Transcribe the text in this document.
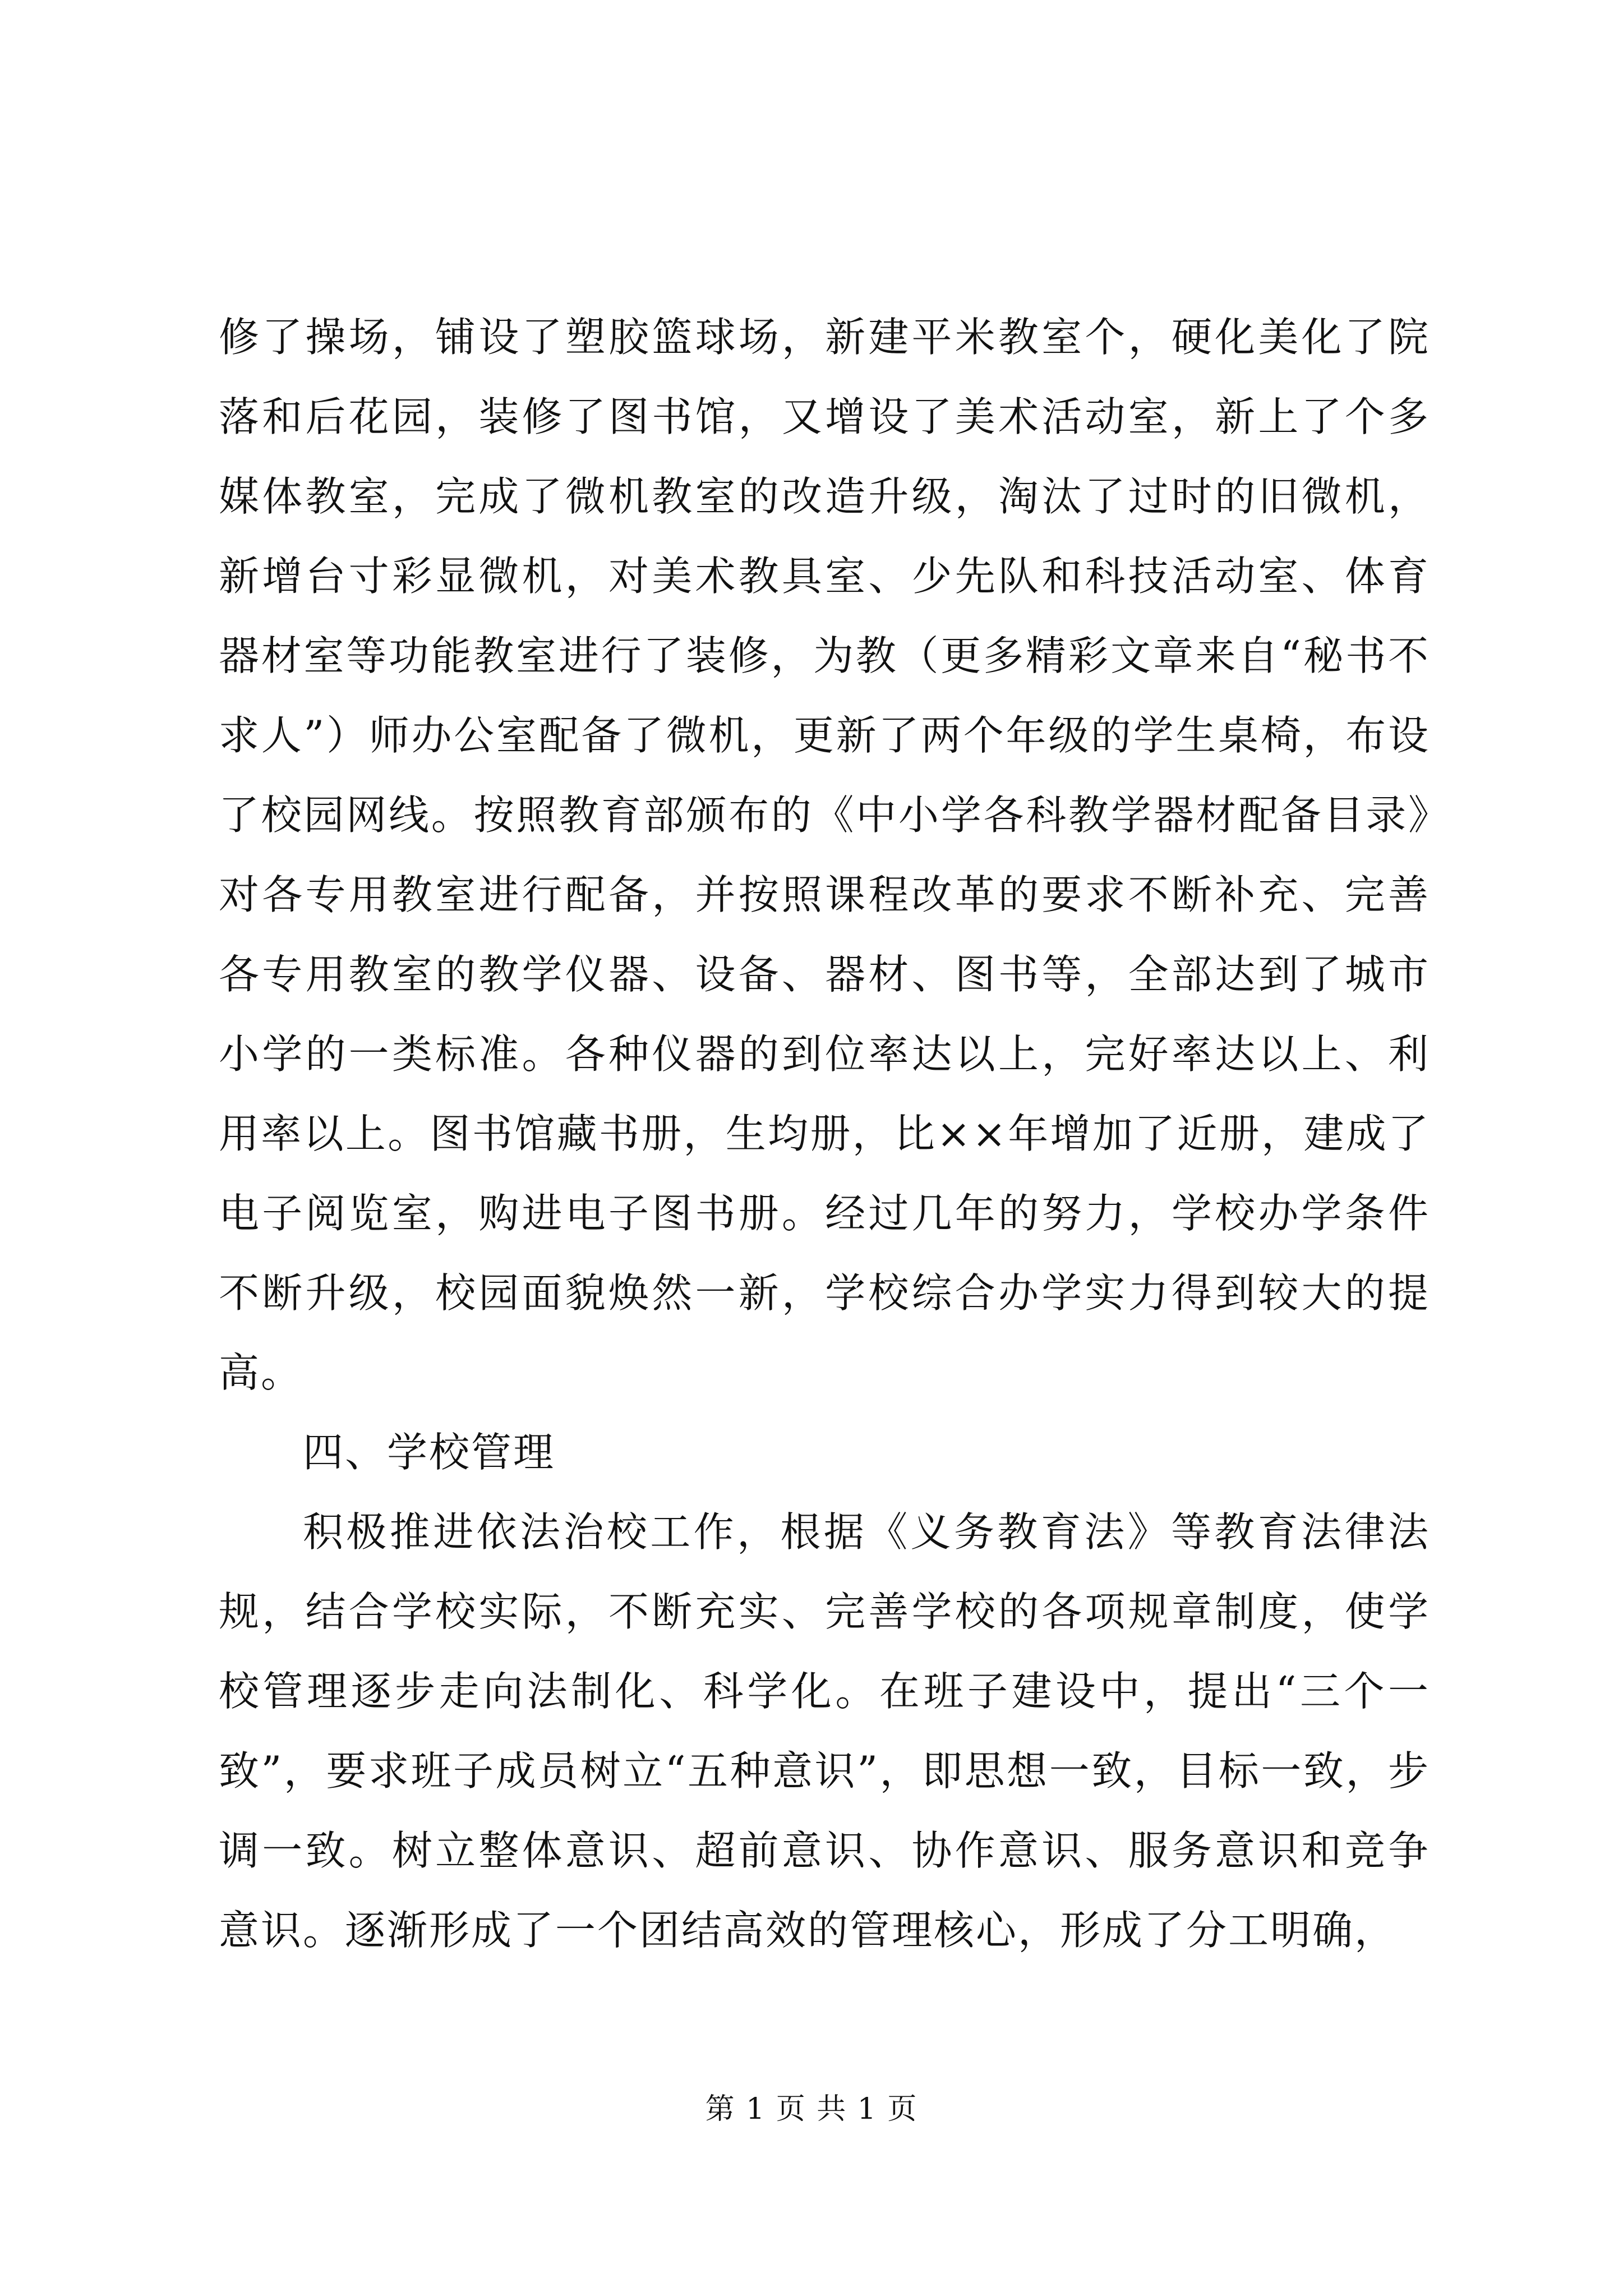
修了操场，铺设了塑胶篮球场，新建平米教室个，硬化美化了院落和后花园，装修了图书馆，又增设了美术活动室，新上了个多媒体教室，完成了微机教室的改造升级，淘汰了过时的旧微机，新增台寸彩显微机，对美术教具室、少先队和科技活动室、体育器材室等功能教室进行了装修，为教（更多精彩文章来自“秘书不求人”）师办公室配备了微机，更新了两个年级的学生桌椅，布设了校园网线。按照教育部颁布的《中小学各科教学器材配备目录》对各专用教室进行配备，并按照课程改革的要求不断补充、完善各专用教室的教学仪器、设备、器材、图书等，全部达到了城市小学的一类标准。各种仪器的到位率达以上，完好率达以上、利用率以上。图书馆藏书册，生均册，比××年增加了近册，建成了电子阅览室，购进电子图书册。经过几年的努力，学校办学条件不断升级，校园面貌焕然一新，学校综合办学实力得到较大的提高。

四、学校管理

积极推进依法治校工作，根据《义务教育法》等教育法律法规，结合学校实际，不断充实、完善学校的各项规章制度，使学校管理逐步走向法制化、科学化。在班子建设中，提出“三个一致”，要求班子成员树立“五种意识”，即思想一致，目标一致，步调一致。树立整体意识、超前意识、协作意识、服务意识和竞争意识。逐渐形成了一个团结高效的管理核心，形成了分工明确，

第 1 页 共 1 页
